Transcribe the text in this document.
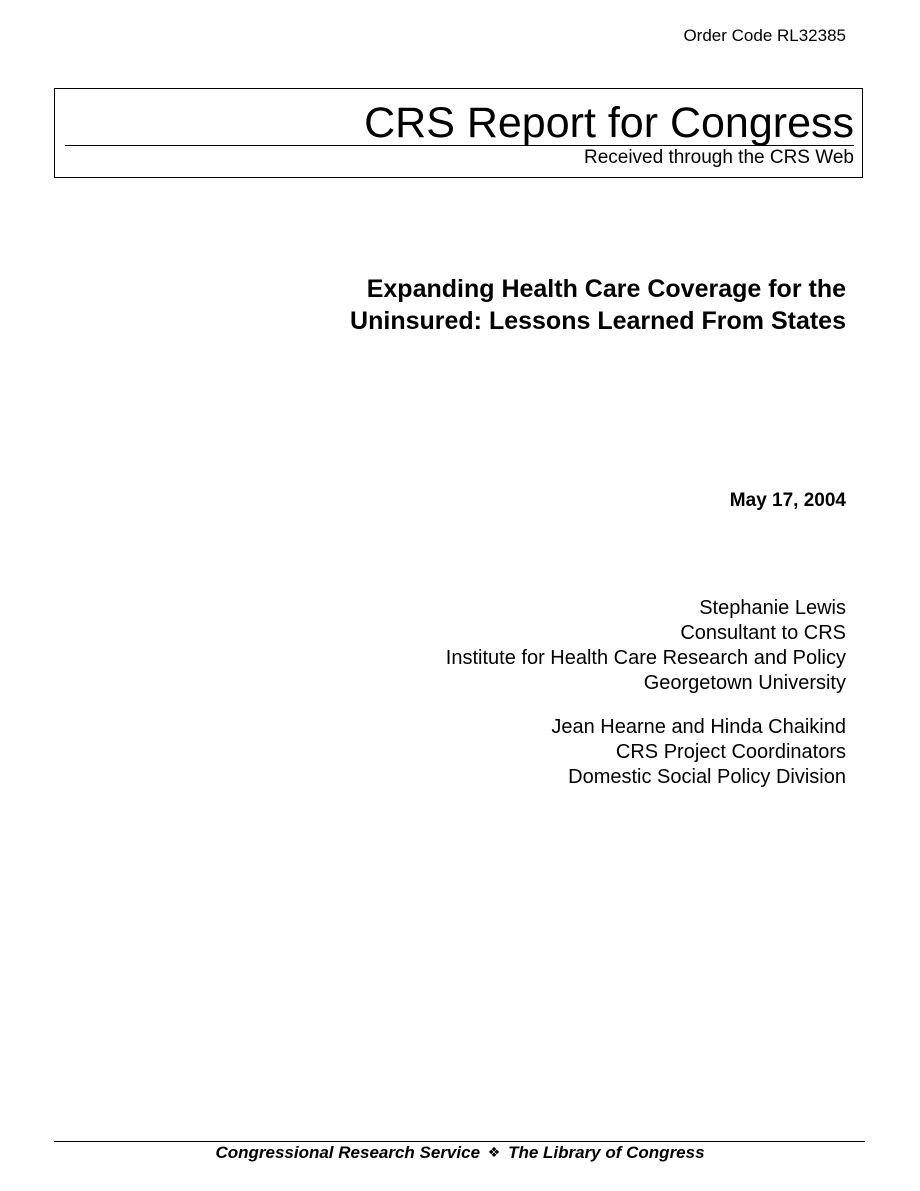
Order Code RL32385
CRS Report for Congress
Received through the CRS Web
Expanding Health Care Coverage for the
Uninsured: Lessons Learned From States
May 17, 2004
Stephanie Lewis
Consultant to CRS
Institute for Health Care Research and Policy
Georgetown University
Jean Hearne and Hinda Chaikind
CRS Project Coordinators
Domestic Social Policy Division
Congressional Research Service ❖ The Library of Congress
